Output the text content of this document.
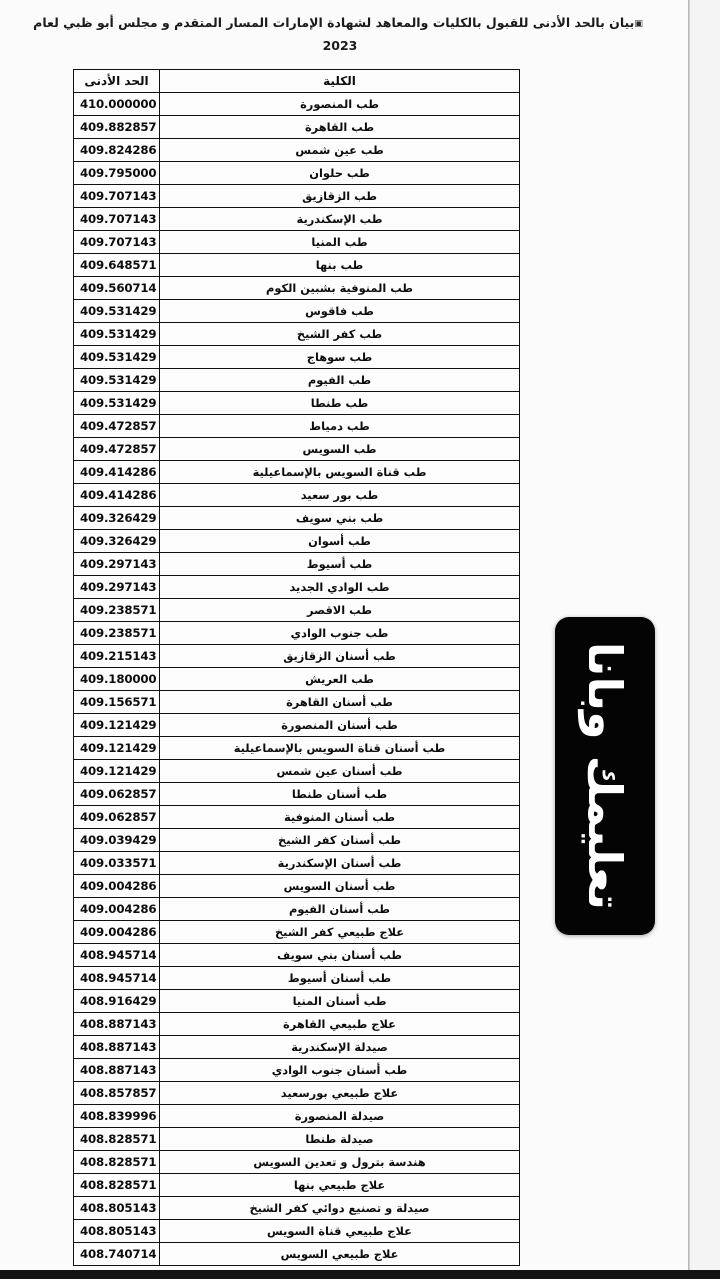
▣بيان بالحد الأدنى للقبول بالكليات والمعاهد لشهادة الإمارات المسار المتقدم و مجلس أبو ظبي لعام 2023
الكلية	الحد الأدنى
طب المنصورة	410.000000
طب القاهرة	409.882857
طب عين شمس	409.824286
طب حلوان	409.795000
طب الزقازيق	409.707143
طب الإسكندرية	409.707143
طب المنيا	409.707143
طب بنها	409.648571
طب المنوفية بشبين الكوم	409.560714
طب فاقوس	409.531429
طب كفر الشيخ	409.531429
طب سوهاج	409.531429
طب الفيوم	409.531429
طب طنطا	409.531429
طب دمياط	409.472857
طب السويس	409.472857
طب قناة السويس بالإسماعيلية	409.414286
طب بور سعيد	409.414286
طب بني سويف	409.326429
طب أسوان	409.326429
طب أسيوط	409.297143
طب الوادي الجديد	409.297143
طب الاقصر	409.238571
طب جنوب الوادي	409.238571
طب أسنان الزقازيق	409.215143
طب العريش	409.180000
طب أسنان القاهرة	409.156571
طب أسنان المنصورة	409.121429
طب أسنان قناة السويس بالإسماعيلية	409.121429
طب أسنان عين شمس	409.121429
طب أسنان طنطا	409.062857
طب أسنان المنوفية	409.062857
طب أسنان كفر الشيخ	409.039429
طب أسنان الإسكندرية	409.033571
طب أسنان السويس	409.004286
طب أسنان الفيوم	409.004286
علاج طبيعي كفر الشيخ	409.004286
طب أسنان بني سويف	408.945714
طب أسنان أسيوط	408.945714
طب أسنان المنيا	408.916429
علاج طبيعي القاهرة	408.887143
صيدلة الإسكندرية	408.887143
طب أسنان جنوب الوادي	408.887143
علاج طبيعي بورسعيد	408.857857
صيدلة المنصورة	408.839996
صيدلة طنطا	408.828571
هندسة بترول و تعدين السويس	408.828571
علاج طبيعي بنها	408.828571
صيدلة و تصنيع دوائي كفر الشيخ	408.805143
علاج طبيعي قناة السويس	408.805143
علاج طبيعي السويس	408.740714
تعليمك وبانا
